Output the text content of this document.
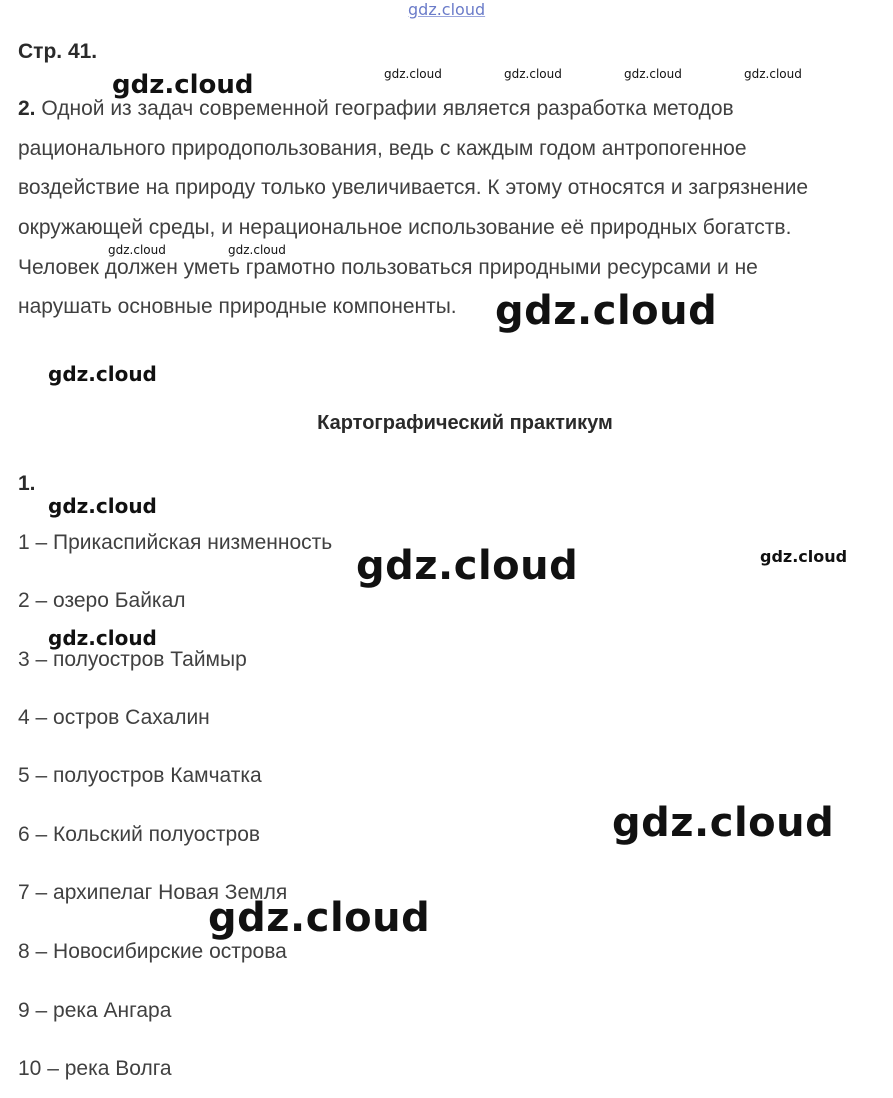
gdz.cloud
Стр. 41.
2. Одной из задач современной географии является разработка методов
рационального природопользования, ведь с каждым годом антропогенное
воздействие на природу только увеличивается. К этому относятся и загрязнение
окружающей среды, и нерациональное использование её природных богатств.
Человек должен уметь грамотно пользоваться природными ресурсами и не
нарушать основные природные компоненты.
Картографический практикум
1.
1 – Прикаспийская низменность
2 – озеро Байкал
3 – полуостров Таймыр
4 – остров Сахалин
5 – полуостров Камчатка
6 – Кольский полуостров
7 – архипелаг Новая Земля
8 – Новосибирские острова
9 – река Ангара
10 – река Волга
gdz.cloud	gdz.cloud	gdz.cloud	gdz.cloud	gdz.cloud
gdz.cloud	gdz.cloud
gdz.cloud
gdz.cloud
gdz.cloud
gdz.cloud	gdz.cloud
gdz.cloud
gdz.cloud
gdz.cloud
